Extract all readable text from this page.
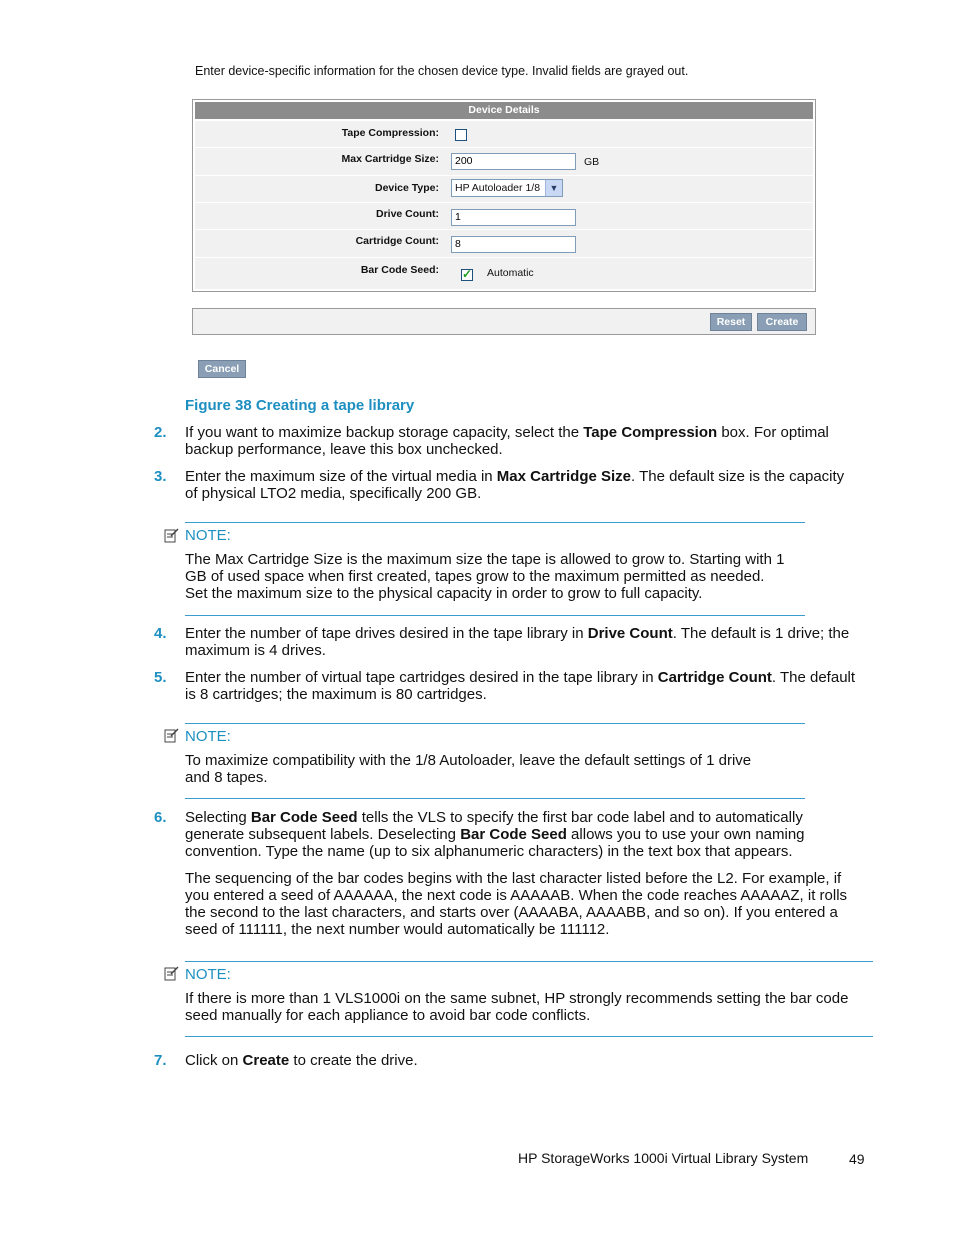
Enter device-specific information for the chosen device type. Invalid fields are grayed out.
Device Details
Tape Compression:
Max Cartridge Size:
200	GB
Device Type:	HP Autoloader 1/8	▼
Drive Count:
1
Cartridge Count:
8
Bar Code Seed: ✓ Automatic
Reset	Create
Cancel
Figure 38 Creating a tape library
2. If you want to maximize backup storage capacity, select the Tape Compression box. For optimal backup performance, leave this box unchecked.
3. Enter the maximum size of the virtual media in Max Cartridge Size. The default size is the capacity of physical LTO2 media, specifically 200 GB.
NOTE:
The Max Cartridge Size is the maximum size the tape is allowed to grow to. Starting with 1 GB of used space when first created, tapes grow to the maximum permitted as needed. Set the maximum size to the physical capacity in order to grow to full capacity.
4. Enter the number of tape drives desired in the tape library in Drive Count. The default is 1 drive; the maximum is 4 drives.
5. Enter the number of virtual tape cartridges desired in the tape library in Cartridge Count. The default is 8 cartridges; the maximum is 80 cartridges.
NOTE:
To maximize compatibility with the 1/8 Autoloader, leave the default settings of 1 drive and 8 tapes.
6. Selecting Bar Code Seed tells the VLS to specify the first bar code label and to automatically generate subsequent labels. Deselecting Bar Code Seed allows you to use your own naming convention. Type the name (up to six alphanumeric characters) in the text box that appears.
The sequencing of the bar codes begins with the last character listed before the L2. For example, if you entered a seed of AAAAAA, the next code is AAAAAB. When the code reaches AAAAAZ, it rolls the second to the last characters, and starts over (AAAABA, AAAABB, and so on). If you entered a seed of 111111, the next number would automatically be 111112.
NOTE:
If there is more than 1 VLS1000i on the same subnet, HP strongly recommends setting the bar code seed manually for each appliance to avoid bar code conflicts.
7. Click on Create to create the drive.
HP StorageWorks 1000i Virtual Library System	49
